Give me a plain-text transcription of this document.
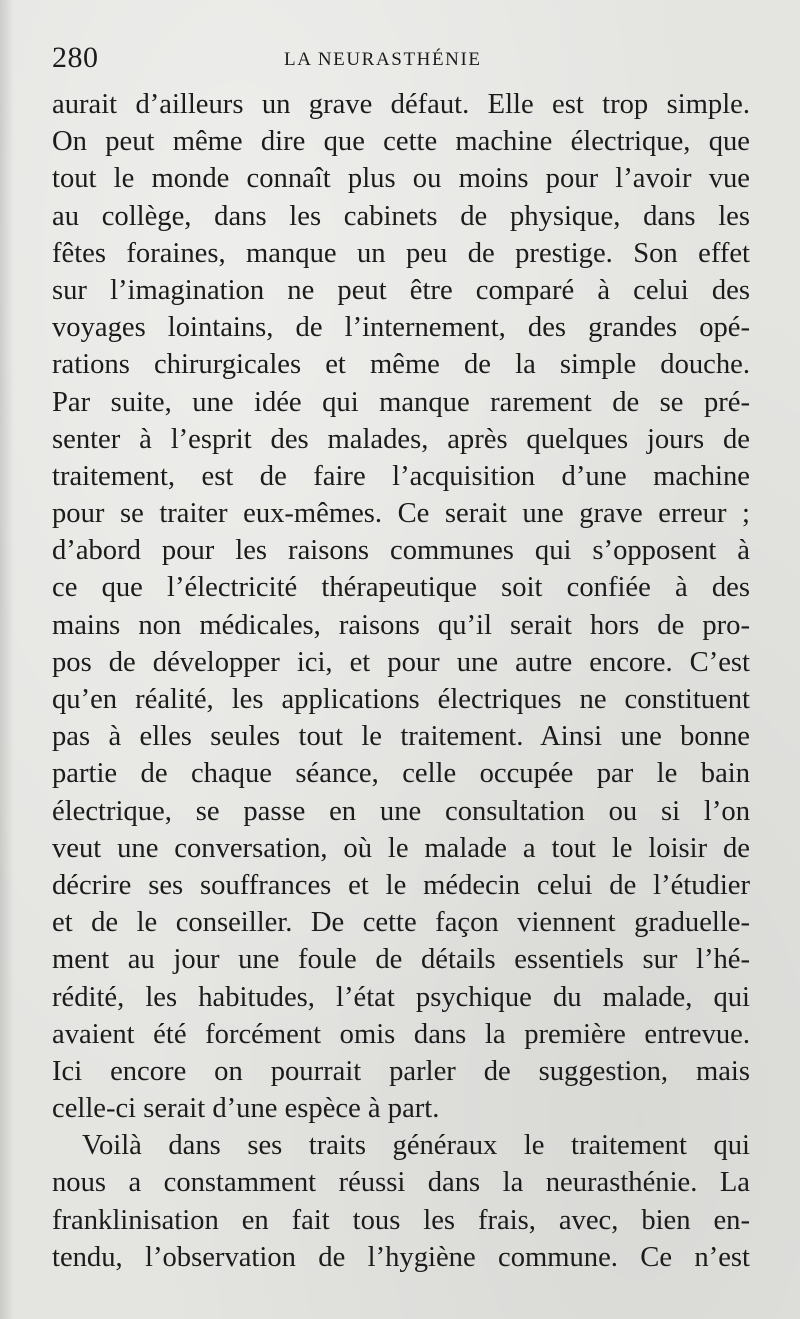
280	LA NEURASTHÉNIE
aurait d’ailleurs un grave défaut. Elle est trop simple.
On peut même dire que cette machine électrique, que
tout le monde connaît plus ou moins pour l’avoir vue
au collège, dans les cabinets de physique, dans les
fêtes foraines, manque un peu de prestige. Son effet
sur l’imagination ne peut être comparé à celui des
voyages lointains, de l’internement, des grandes opé-
rations chirurgicales et même de la simple douche.
Par suite, une idée qui manque rarement de se pré-
senter à l’esprit des malades, après quelques jours de
traitement, est de faire l’acquisition d’une machine
pour se traiter eux-mêmes. Ce serait une grave erreur ;
d’abord pour les raisons communes qui s’opposent à
ce que l’électricité thérapeutique soit confiée à des
mains non médicales, raisons qu’il serait hors de pro-
pos de développer ici, et pour une autre encore. C’est
qu’en réalité, les applications électriques ne constituent
pas à elles seules tout le traitement. Ainsi une bonne
partie de chaque séance, celle occupée par le bain
électrique, se passe en une consultation ou si l’on
veut une conversation, où le malade a tout le loisir de
décrire ses souffrances et le médecin celui de l’étudier
et de le conseiller. De cette façon viennent graduelle-
ment au jour une foule de détails essentiels sur l’hé-
rédité, les habitudes, l’état psychique du malade, qui
avaient été forcément omis dans la première entrevue.
Ici encore on pourrait parler de suggestion, mais
celle-ci serait d’une espèce à part.
Voilà dans ses traits généraux le traitement qui
nous a constamment réussi dans la neurasthénie. La
franklinisation en fait tous les frais, avec, bien en-
tendu, l’observation de l’hygiène commune. Ce n’est
